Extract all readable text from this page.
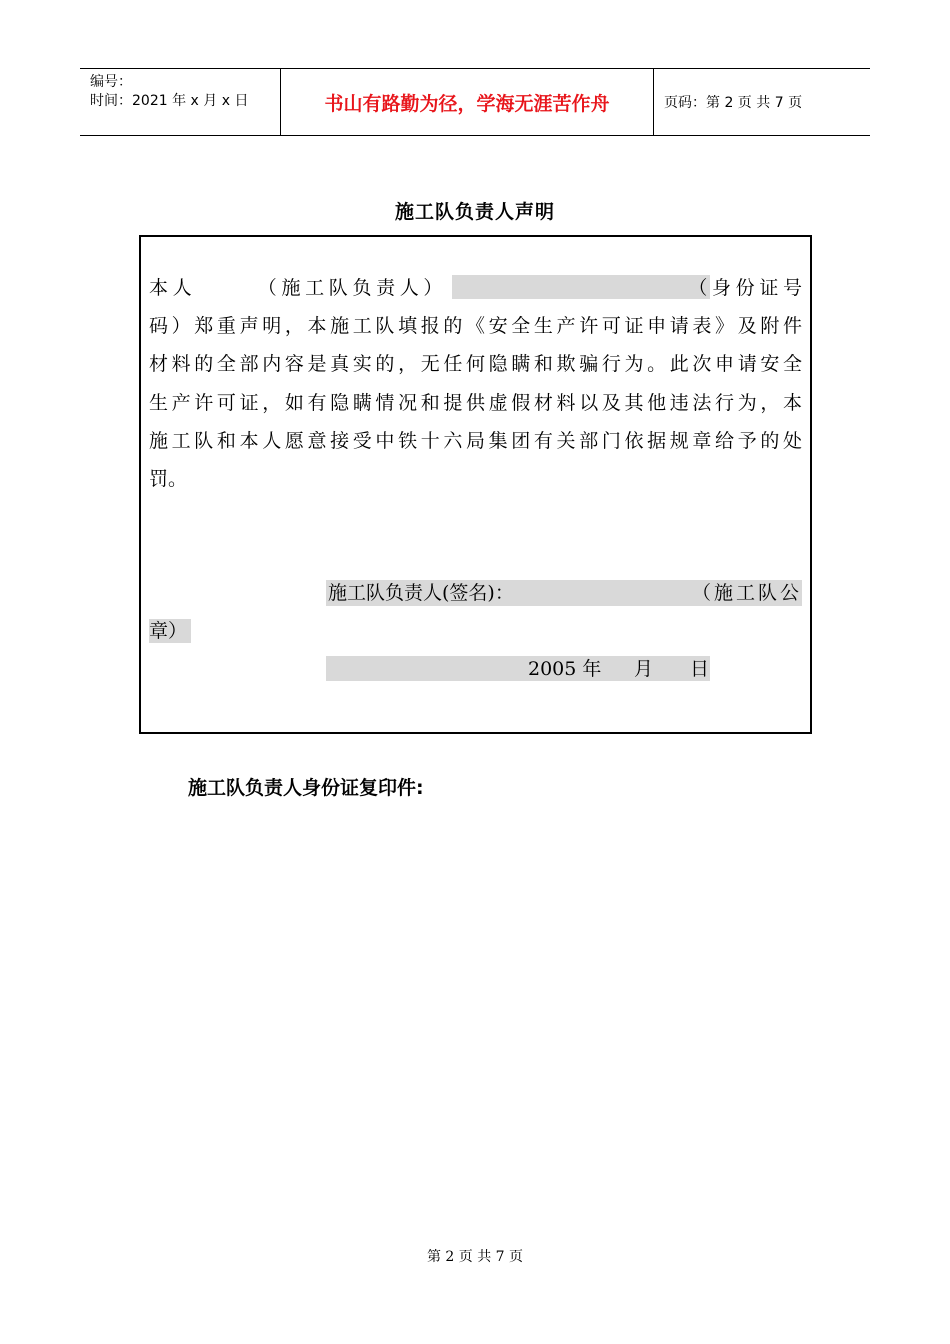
编号：
时间：2021 年 x 月 x 日	书山有路勤为径，学海无涯苦作舟	页码：第 2 页 共 7 页
施工队负责人声明
本人　　　（施工队负责人）　　　　　　　　　　　（身份证号
码）郑重声明，本施工队填报的《安全生产许可证申请表》及附件
材料的全部内容是真实的，无任何隐瞒和欺骗行为。此次申请安全
生产许可证，如有隐瞒情况和提供虚假材料以及其他违法行为，本
施工队和本人愿意接受中铁十六局集团有关部门依据规章给予的处
罚。
施工队负责人(签名)：	（施工队公
章）
2005 年 月 日
施工队负责人身份证复印件:
第 2 页 共 7 页
